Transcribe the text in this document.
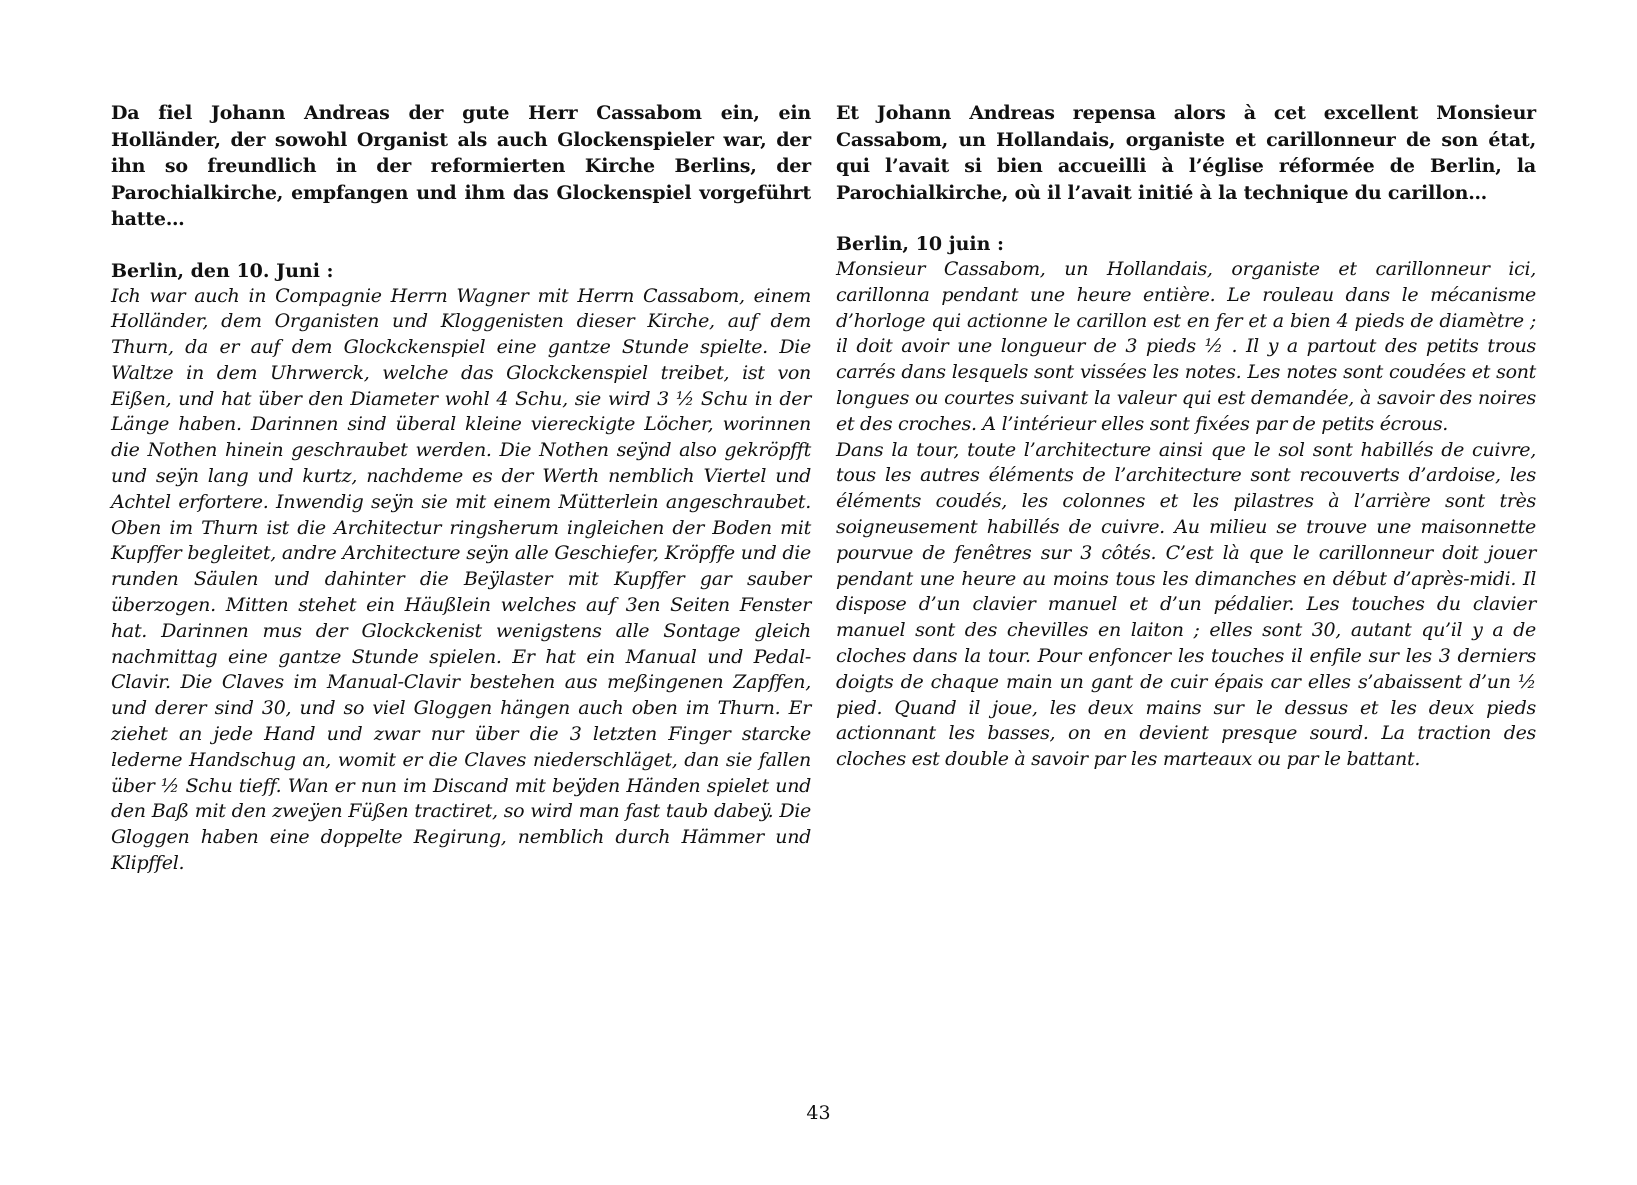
Da fiel Johann Andreas der gute Herr Cassabom ein, ein Holländer, der sowohl Organist als auch Glockenspieler war, der ihn so freundlich in der reformierten Kirche Berlins, der Parochialkirche, empfangen und ihm das Glockenspiel vorgeführt hatte…

Berlin, den 10. Juni :

Ich war auch in Compagnie Herrn Wagner mit Herrn Cassabom, einem Holländer, dem Organisten und Kloggenisten dieser Kirche, auf dem Thurn, da er auf dem Glockckenspiel eine gantze Stunde spielte. Die Waltze in dem Uhrwerck, welche das Glockckenspiel treibet, ist von Eißen, und hat über den Diameter wohl 4 Schu, sie wird 3 ½ Schu in der Länge haben. Darinnen sind überal kleine viereckigte Löcher, worinnen die Nothen hinein geschraubet werden. Die Nothen seÿnd also gekröpfft und seÿn lang und kurtz, nachdeme es der Werth nemblich Viertel und Achtel erfortere. Inwendig seÿn sie mit einem Mütterlein angeschraubet. Oben im Thurn ist die Architectur ringsherum ingleichen der Boden mit Kupffer begleitet, andre Architecture seÿn alle Geschiefer, Kröpffe und die runden Säulen und dahinter die Beÿlaster mit Kupffer gar sauber überzogen. Mitten stehet ein Häußlein welches auf 3en Seiten Fenster hat. Darinnen mus der Glockckenist wenigstens alle Sontage gleich nachmittag eine gantze Stunde spielen. Er hat ein Manual und Pedal-Clavir. Die Claves im Manual-Clavir bestehen aus meßingenen Zapffen, und derer sind 30, und so viel Gloggen hängen auch oben im Thurn. Er ziehet an jede Hand und zwar nur über die 3 letzten Finger starcke lederne Handschug an, womit er die Claves niederschläget, dan sie fallen über ½ Schu tieff. Wan er nun im Discand mit beÿden Händen spielet und den Baß mit den zweÿen Füßen tractiret, so wird man fast taub dabeÿ. Die Gloggen haben eine doppelte Regirung, nemblich durch Hämmer und Klipffel.

Et Johann Andreas repensa alors à cet excellent Monsieur Cassabom, un Hollandais, organiste et carillonneur de son état, qui l’avait si bien accueilli à l’église réformée de Berlin, la Parochialkirche, où il l’avait initié à la technique du carillon…

Berlin, 10 juin :

Monsieur Cassabom, un Hollandais, organiste et carillonneur ici, carillonna pendant une heure entière. Le rouleau dans le mécanisme d’horloge qui actionne le carillon est en fer et a bien 4 pieds de diamètre ; il doit avoir une longueur de 3 pieds ½ . Il y a partout des petits trous carrés dans lesquels sont vissées les notes. Les notes sont coudées et sont longues ou courtes suivant la valeur qui est demandée, à savoir des noires et des croches. A l’intérieur elles sont fixées par de petits écrous.
Dans la tour, toute l’architecture ainsi que le sol sont habillés de cuivre, tous les autres éléments de l’architecture sont recouverts d’ardoise, les éléments coudés, les colonnes et les pilastres à l’arrière sont très soigneusement habillés de cuivre. Au milieu se trouve une maisonnette pourvue de fenêtres sur 3 côtés. C’est là que le carillonneur doit jouer pendant une heure au moins tous les dimanches en début d’après-midi. Il dispose d’un clavier manuel et d’un pédalier. Les touches du clavier manuel sont des chevilles en laiton ; elles sont 30, autant qu’il y a de cloches dans la tour. Pour enfoncer les touches il enfile sur les 3 derniers doigts de chaque main un gant de cuir épais car elles s’abaissent d’un ½ pied. Quand il joue, les deux mains sur le dessus et les deux pieds actionnant les basses, on en devient presque sourd. La traction des cloches est double à savoir par les marteaux ou par le battant.

43
